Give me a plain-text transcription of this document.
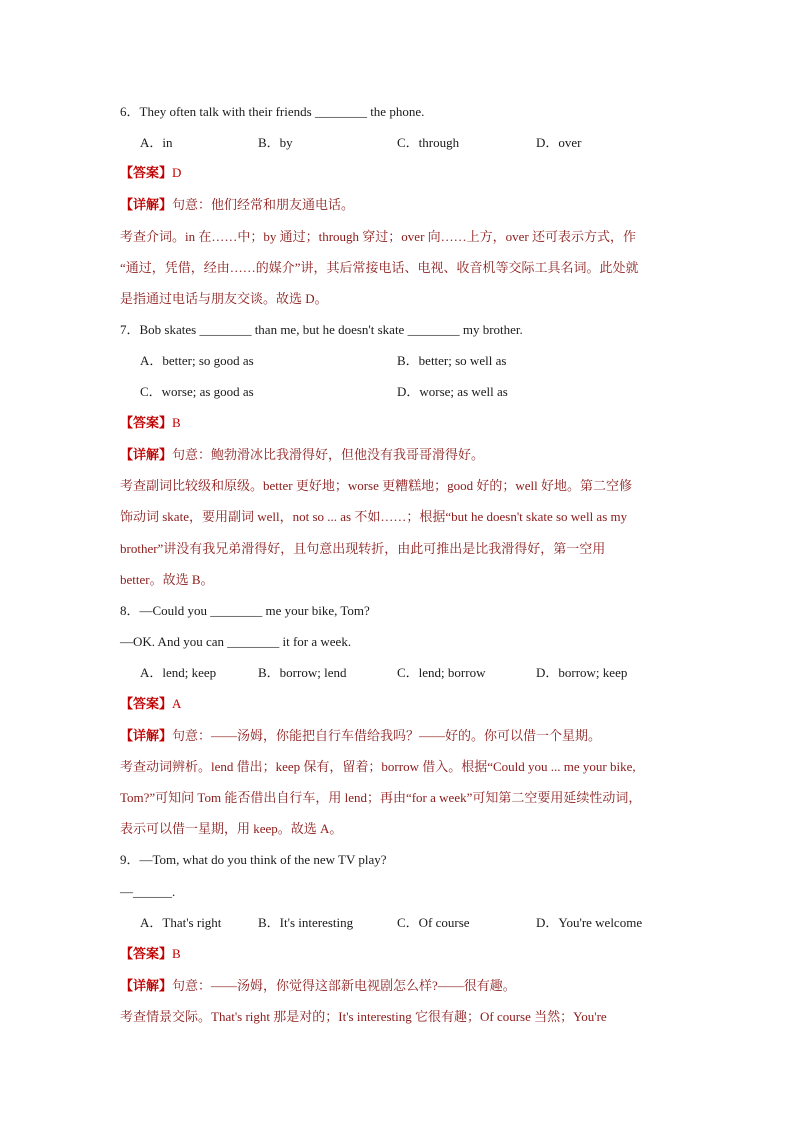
6．They often talk with their friends ________ the phone.
A．in	B．by	C．through	D．over
【答案】D
【详解】句意：他们经常和朋友通电话。
考查介词。in 在……中；by 通过；through 穿过；over 向……上方，over 还可表示方式，作
“通过，凭借，经由……的媒介”讲，其后常接电话、电视、收音机等交际工具名词。此处就
是指通过电话与朋友交谈。故选 D。
7．Bob skates ________ than me, but he doesn't skate ________ my brother.
A．better; so good as	B．better; so well as
C．worse; as good as	D．worse; as well as
【答案】B
【详解】句意：鲍勃滑冰比我滑得好，但他没有我哥哥滑得好。
考查副词比较级和原级。better 更好地；worse 更糟糕地；good 好的；well 好地。第二空修
饰动词 skate，要用副词 well，not so ... as 不如……；根据“but he doesn't skate so well as my
brother”讲没有我兄弟滑得好，且句意出现转折，由此可推出是比我滑得好，第一空用
better。故选 B。
8．—Could you ________ me your bike, Tom?
—OK. And you can ________ it for a week.
A．lend; keep	B．borrow; lend	C．lend; borrow	D．borrow; keep
【答案】A
【详解】句意：——汤姆，你能把自行车借给我吗？——好的。你可以借一个星期。
考查动词辨析。lend 借出；keep 保有，留着；borrow 借入。根据“Could you ... me your bike,
Tom?”可知问 Tom 能否借出自行车，用 lend；再由“for a week”可知第二空要用延续性动词，
表示可以借一星期，用 keep。故选 A。
9．—Tom, what do you think of the new TV play?
—______.
A．That's right	B．It's interesting	C．Of course	D．You're welcome
【答案】B
【详解】句意：——汤姆，你觉得这部新电视剧怎么样?——很有趣。
考查情景交际。That's right 那是对的；It's interesting 它很有趣；Of course 当然；You're
